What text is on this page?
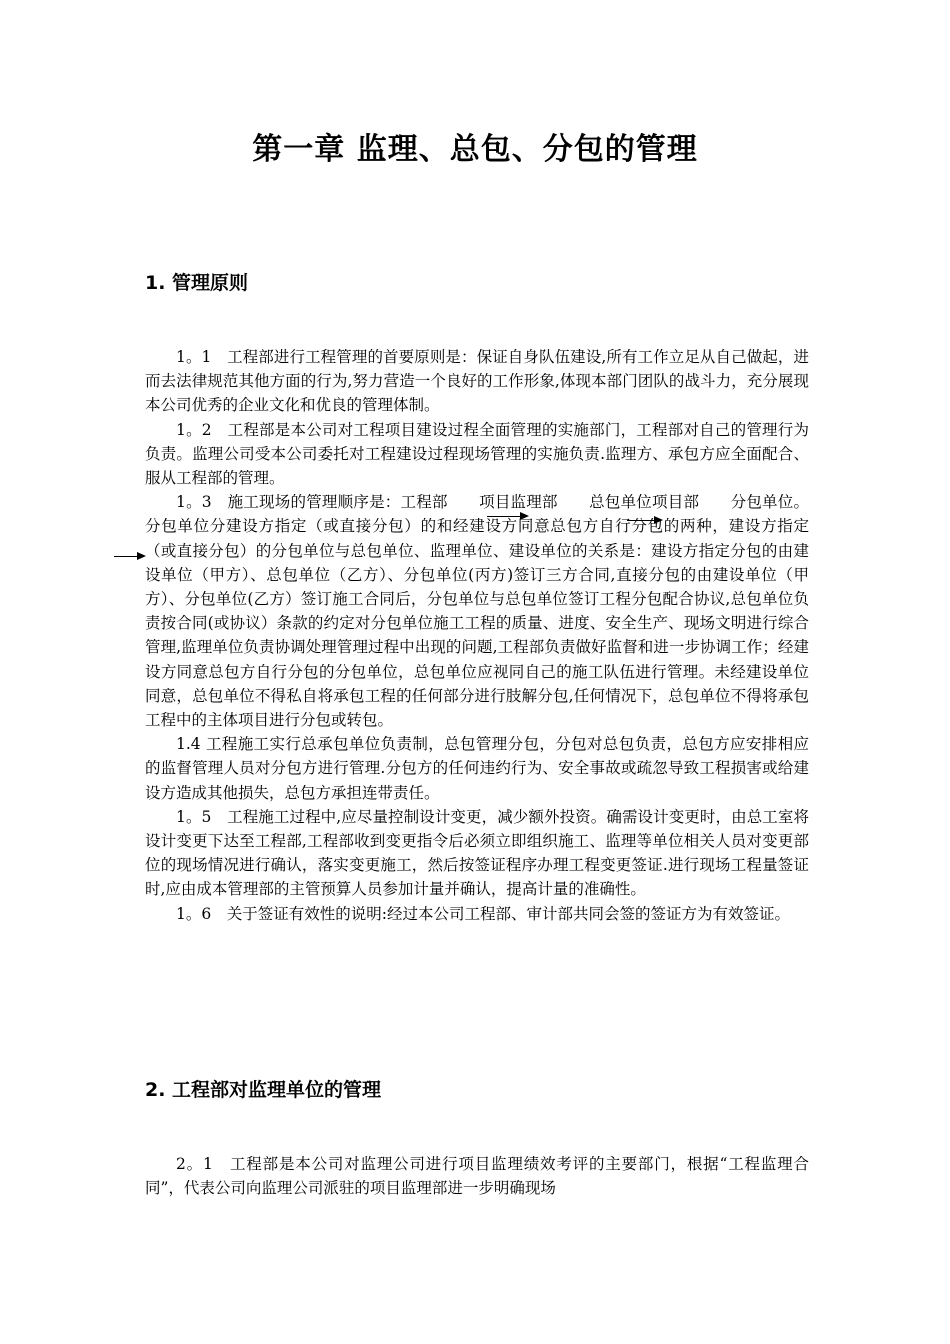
第一章 监理、总包、分包的管理
1. 管理原则

1。1　工程部进行工程管理的首要原则是：保证自身队伍建设,所有工作立足从自己做起，进而去法律规范其他方面的行为,努力营造一个良好的工作形象,体现本部门团队的战斗力，充分展现本公司优秀的企业文化和优良的管理体制。

1。2　工程部是本公司对工程项目建设过程全面管理的实施部门，工程部对自己的管理行为负责。监理公司受本公司委托对工程建设过程现场管理的实施负责.监理方、承包方应全面配合、服从工程部的管理。

1。3　施工现场的管理顺序是：工程部　　项目监理部　　总包单位项目部　　分包单位。分包单位分建设方指定（或直接分包）的和经建设方同意总包方自行分包的两种，建设方指定（或直接分包）的分包单位与总包单位、监理单位、建设单位的关系是：建设方指定分包的由建设单位（甲方）、总包单位（乙方）、分包单位(丙方)签订三方合同,直接分包的由建设单位（甲方）、分包单位(乙方）签订施工合同后，分包单位与总包单位签订工程分包配合协议,总包单位负责按合同(或协议）条款的约定对分包单位施工工程的质量、进度、安全生产、现场文明进行综合管理,监理单位负责协调处理管理过程中出现的问题,工程部负责做好监督和进一步协调工作；经建设方同意总包方自行分包的分包单位，总包单位应视同自己的施工队伍进行管理。未经建设单位同意，总包单位不得私自将承包工程的任何部分进行肢解分包,任何情况下，总包单位不得将承包工程中的主体项目进行分包或转包。

1.4 工程施工实行总承包单位负责制，总包管理分包，分包对总包负责，总包方应安排相应的监督管理人员对分包方进行管理.分包方的任何违约行为、安全事故或疏忽导致工程损害或给建设方造成其他损失，总包方承担连带责任。

1。5　工程施工过程中,应尽量控制设计变更，减少额外投资。确需设计变更时，由总工室将设计变更下达至工程部,工程部收到变更指令后必须立即组织施工、监理等单位相关人员对变更部位的现场情况进行确认，落实变更施工，然后按签证程序办理工程变更签证.进行现场工程量签证时,应由成本管理部的主管预算人员参加计量并确认，提高计量的准确性。

1。6　关于签证有效性的说明:经过本公司工程部、审计部共同会签的签证方为有效签证。

2. 工程部对监理单位的管理

2。1　工程部是本公司对监理公司进行项目监理绩效考评的主要部门，根据“工程监理合同”，代表公司向监理公司派驻的项目监理部进一步明确现场
